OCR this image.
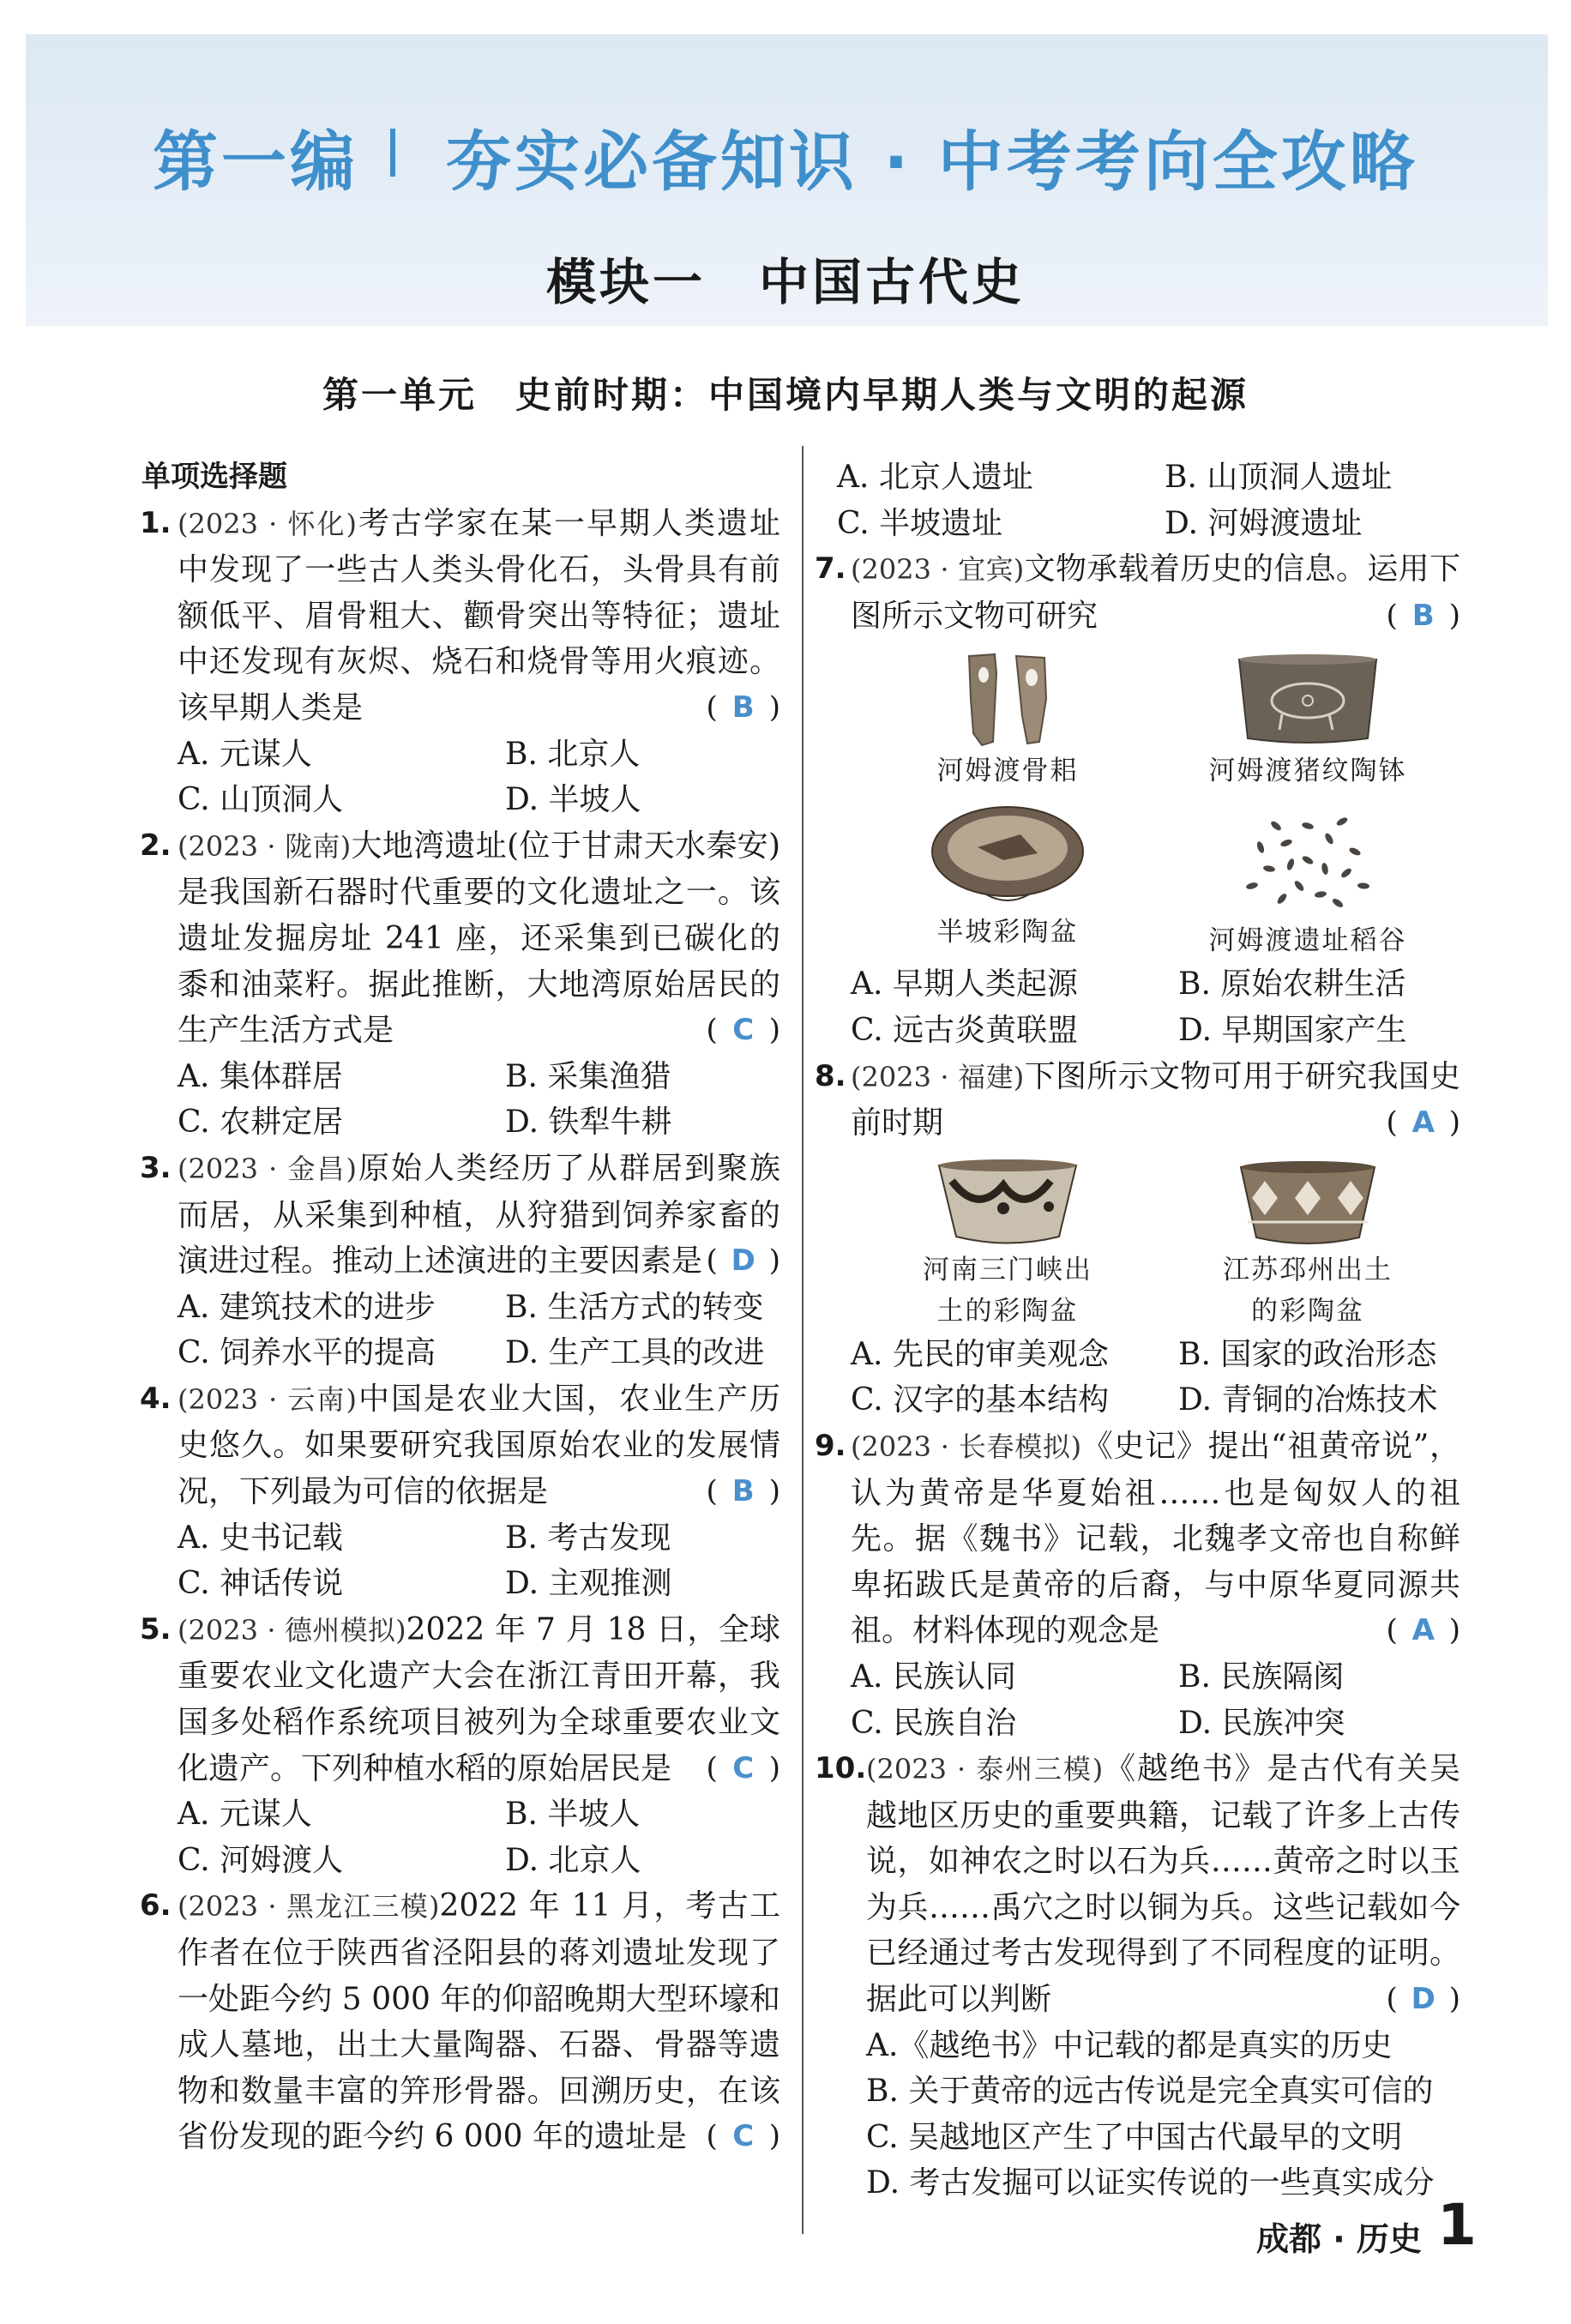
第一编 夯实必备知识 · 中考考向全攻略
模块一　中国古代史
第一单元　史前时期：中国境内早期人类与文明的起源
单项选择题
1. (2023 · 怀化)考古学家在某一早期人类遗址中发现了一些古人类头骨化石，头骨具有前额低平、眉骨粗大、颧骨突出等特征；遗址中还发现有灰烬、烧石和烧骨等用火痕迹。该早期人类是	( B )
A. 元谋人	B. 北京人
C. 山顶洞人	D. 半坡人
2. (2023 · 陇南)大地湾遗址(位于甘肃天水秦安)是我国新石器时代重要的文化遗址之一。该遗址发掘房址 241 座，还采集到已碳化的黍和油菜籽。据此推断，大地湾原始居民的生产生活方式是	( C )
A. 集体群居	B. 采集渔猎
C. 农耕定居	D. 铁犁牛耕
3. (2023 · 金昌)原始人类经历了从群居到聚族而居，从采集到种植，从狩猎到饲养家畜的演进过程。推动上述演进的主要因素是 ( D )
A. 建筑技术的进步	B. 生活方式的转变
C. 饲养水平的提高	D. 生产工具的改进
4. (2023 · 云南)中国是农业大国，农业生产历史悠久。如果要研究我国原始农业的发展情况，下列最为可信的依据是	( B )
A. 史书记载	B. 考古发现
C. 神话传说	D. 主观推测
5. (2023 · 德州模拟)2022 年 7 月 18 日，全球重要农业文化遗产大会在浙江青田开幕，我国多处稻作系统项目被列为全球重要农业文化遗产。下列种植水稻的原始居民是 ( C )
A. 元谋人	B. 半坡人
C. 河姆渡人	D. 北京人
6. (2023 · 黑龙江三模)2022 年 11 月，考古工作者在位于陕西省泾阳县的蒋刘遗址发现了一处距今约 5 000 年的仰韶晚期大型环壕和成人墓地，出土大量陶器、石器、骨器等遗物和数量丰富的笄形骨器。回溯历史，在该省份发现的距今约 6 000 年的遗址是 ( C )
A. 北京人遗址	B. 山顶洞人遗址
C. 半坡遗址	D. 河姆渡遗址
7. (2023 · 宜宾)文物承载着历史的信息。运用下图所示文物可研究	( B )
河姆渡骨耜	河姆渡猪纹陶钵
半坡彩陶盆	河姆渡遗址稻谷
A. 早期人类起源	B. 原始农耕生活
C. 远古炎黄联盟	D. 早期国家产生
8. (2023 · 福建)下图所示文物可用于研究我国史前时期	( A )
河南三门峡出
土的彩陶盆
江苏邳州出土
的彩陶盆
A. 先民的审美观念	B. 国家的政治形态
C. 汉字的基本结构	D. 青铜的冶炼技术
9. (2023 · 长春模拟)《史记》提出“祖黄帝说”，认为黄帝是华夏始祖……也是匈奴人的祖先。据《魏书》记载，北魏孝文帝也自称鲜卑拓跋氏是黄帝的后裔，与中原华夏同源共祖。材料体现的观念是	( A )
A. 民族认同	B. 民族隔阂
C. 民族自治	D. 民族冲突
10. (2023 · 泰州三模)《越绝书》是古代有关吴越地区历史的重要典籍，记载了许多上古传说，如神农之时以石为兵……黄帝之时以玉为兵……禹穴之时以铜为兵。这些记载如今已经通过考古发现得到了不同程度的证明。据此可以判断	( D )
A.《越绝书》中记载的都是真实的历史
B. 关于黄帝的远古传说是完全真实可信的
C. 吴越地区产生了中国古代最早的文明
D. 考古发掘可以证实传说的一些真实成分
成都 · 历史 1
